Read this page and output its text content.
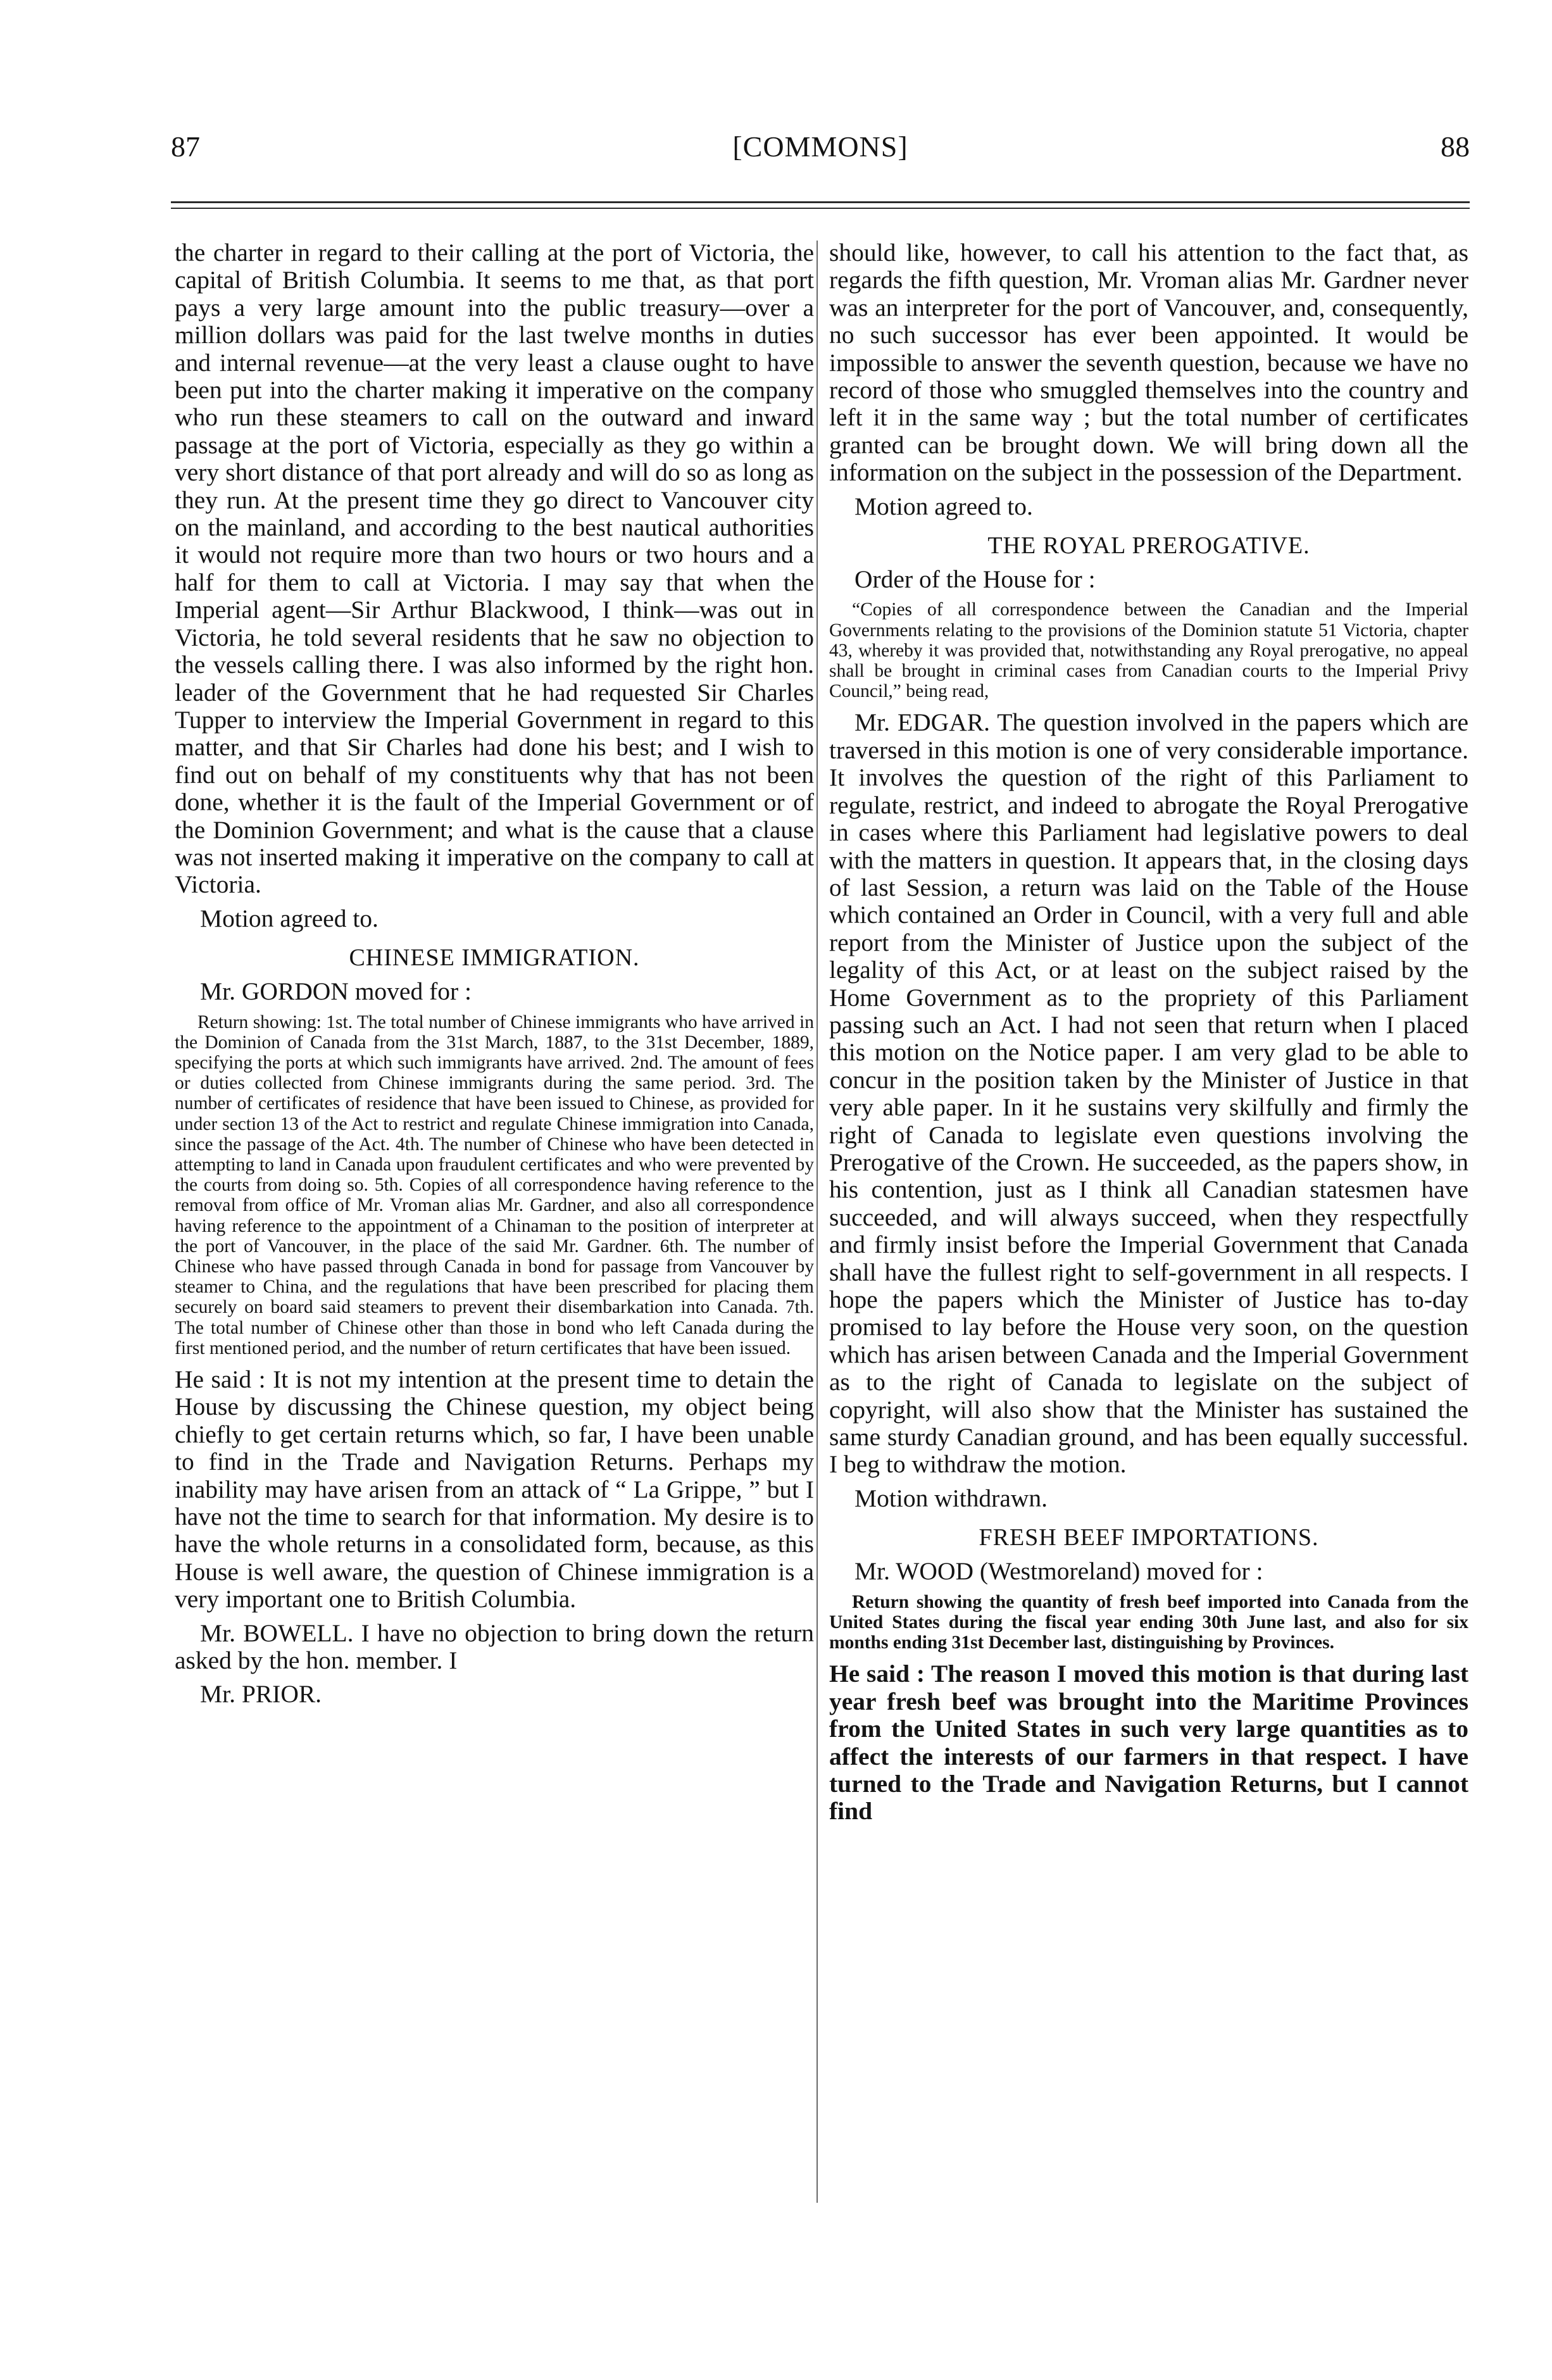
87	[COMMONS]	88

the charter in regard to their calling at the port of Victoria, the capital of British Columbia. It seems to me that, as that port pays a very large amount into the public treasury—over a million dollars was paid for the last twelve months in duties and internal revenue—at the very least a clause ought to have been put into the charter making it imperative on the company who run these steamers to call on the outward and inward passage at the port of Victoria, especially as they go within a very short distance of that port already and will do so as long as they run. At the present time they go direct to Vancouver city on the mainland, and according to the best nautical authorities it would not require more than two hours or two hours and a half for them to call at Victoria. I may say that when the Imperial agent—Sir Arthur Blackwood, I think—was out in Victoria, he told several residents that he saw no objection to the vessels calling there. I was also informed by the right hon. leader of the Government that he had requested Sir Charles Tupper to interview the Imperial Government in regard to this matter, and that Sir Charles had done his best; and I wish to find out on behalf of my constituents why that has not been done, whether it is the fault of the Imperial Government or of the Dominion Government; and what is the cause that a clause was not inserted making it imperative on the company to call at Victoria.

Motion agreed to.

CHINESE IMMIGRATION.

Mr. GORDON moved for :

Return showing: 1st. The total number of Chinese immigrants who have arrived in the Dominion of Canada from the 31st March, 1887, to the 31st December, 1889, specifying the ports at which such immigrants have arrived. 2nd. The amount of fees or duties collected from Chinese immigrants during the same period. 3rd. The number of certificates of residence that have been issued to Chinese, as provided for under section 13 of the Act to restrict and regulate Chinese immigration into Canada, since the passage of the Act. 4th. The number of Chinese who have been detected in attempting to land in Canada upon fraudulent certificates and who were prevented by the courts from doing so. 5th. Copies of all correspondence having reference to the removal from office of Mr. Vroman alias Mr. Gardner, and also all correspondence having reference to the appointment of a Chinaman to the position of interpreter at the port of Vancouver, in the place of the said Mr. Gardner. 6th. The number of Chinese who have passed through Canada in bond for passage from Vancouver by steamer to China, and the regulations that have been prescribed for placing them securely on board said steamers to prevent their disembarkation into Canada. 7th. The total number of Chinese other than those in bond who left Canada during the first mentioned period, and the number of return certificates that have been issued.

He said : It is not my intention at the present time to detain the House by discussing the Chinese question, my object being chiefly to get certain returns which, so far, I have been unable to find in the Trade and Navigation Returns. Perhaps my inability may have arisen from an attack of “ La Grippe, ” but I have not the time to search for that information. My desire is to have the whole returns in a consolidated form, because, as this House is well aware, the question of Chinese immigration is a very important one to British Columbia.

Mr. BOWELL. I have no objection to bring down the return asked by the hon. member. I

Mr. PRIOR.

should like, however, to call his attention to the fact that, as regards the fifth question, Mr. Vroman alias Mr. Gardner never was an interpreter for the port of Vancouver, and, consequently, no such successor has ever been appointed. It would be impossible to answer the seventh question, because we have no record of those who smuggled themselves into the country and left it in the same way ; but the total number of certificates granted can be brought down. We will bring down all the information on the subject in the possession of the Department.

Motion agreed to.

THE ROYAL PREROGATIVE.

Order of the House for :

“Copies of all correspondence between the Canadian and the Imperial Governments relating to the provisions of the Dominion statute 51 Victoria, chapter 43, whereby it was provided that, notwithstanding any Royal prerogative, no appeal shall be brought in criminal cases from Canadian courts to the Imperial Privy Council,” being read,

Mr. EDGAR. The question involved in the papers which are traversed in this motion is one of very considerable importance. It involves the question of the right of this Parliament to regulate, restrict, and indeed to abrogate the Royal Prerogative in cases where this Parliament had legislative powers to deal with the matters in question. It appears that, in the closing days of last Session, a return was laid on the Table of the House which contained an Order in Council, with a very full and able report from the Minister of Justice upon the subject of the legality of this Act, or at least on the subject raised by the Home Government as to the propriety of this Parliament passing such an Act. I had not seen that return when I placed this motion on the Notice paper. I am very glad to be able to concur in the position taken by the Minister of Justice in that very able paper. In it he sustains very skilfully and firmly the right of Canada to legislate even questions involving the Prerogative of the Crown. He succeeded, as the papers show, in his contention, just as I think all Canadian statesmen have succeeded, and will always succeed, when they respectfully and firmly insist before the Imperial Government that Canada shall have the fullest right to self-government in all respects. I hope the papers which the Minister of Justice has to-day promised to lay before the House very soon, on the question which has arisen between Canada and the Imperial Government as to the right of Canada to legislate on the subject of copyright, will also show that the Minister has sustained the same sturdy Canadian ground, and has been equally successful. I beg to withdraw the motion.

Motion withdrawn.

FRESH BEEF IMPORTATIONS.

Mr. WOOD (Westmoreland) moved for :

Return showing the quantity of fresh beef imported into Canada from the United States during the fiscal year ending 30th June last, and also for six months ending 31st December last, distinguishing by Provinces.

He said : The reason I moved this motion is that during last year fresh beef was brought into the Maritime Provinces from the United States in such very large quantities as to affect the interests of our farmers in that respect. I have turned to the Trade and Navigation Returns, but I cannot find
